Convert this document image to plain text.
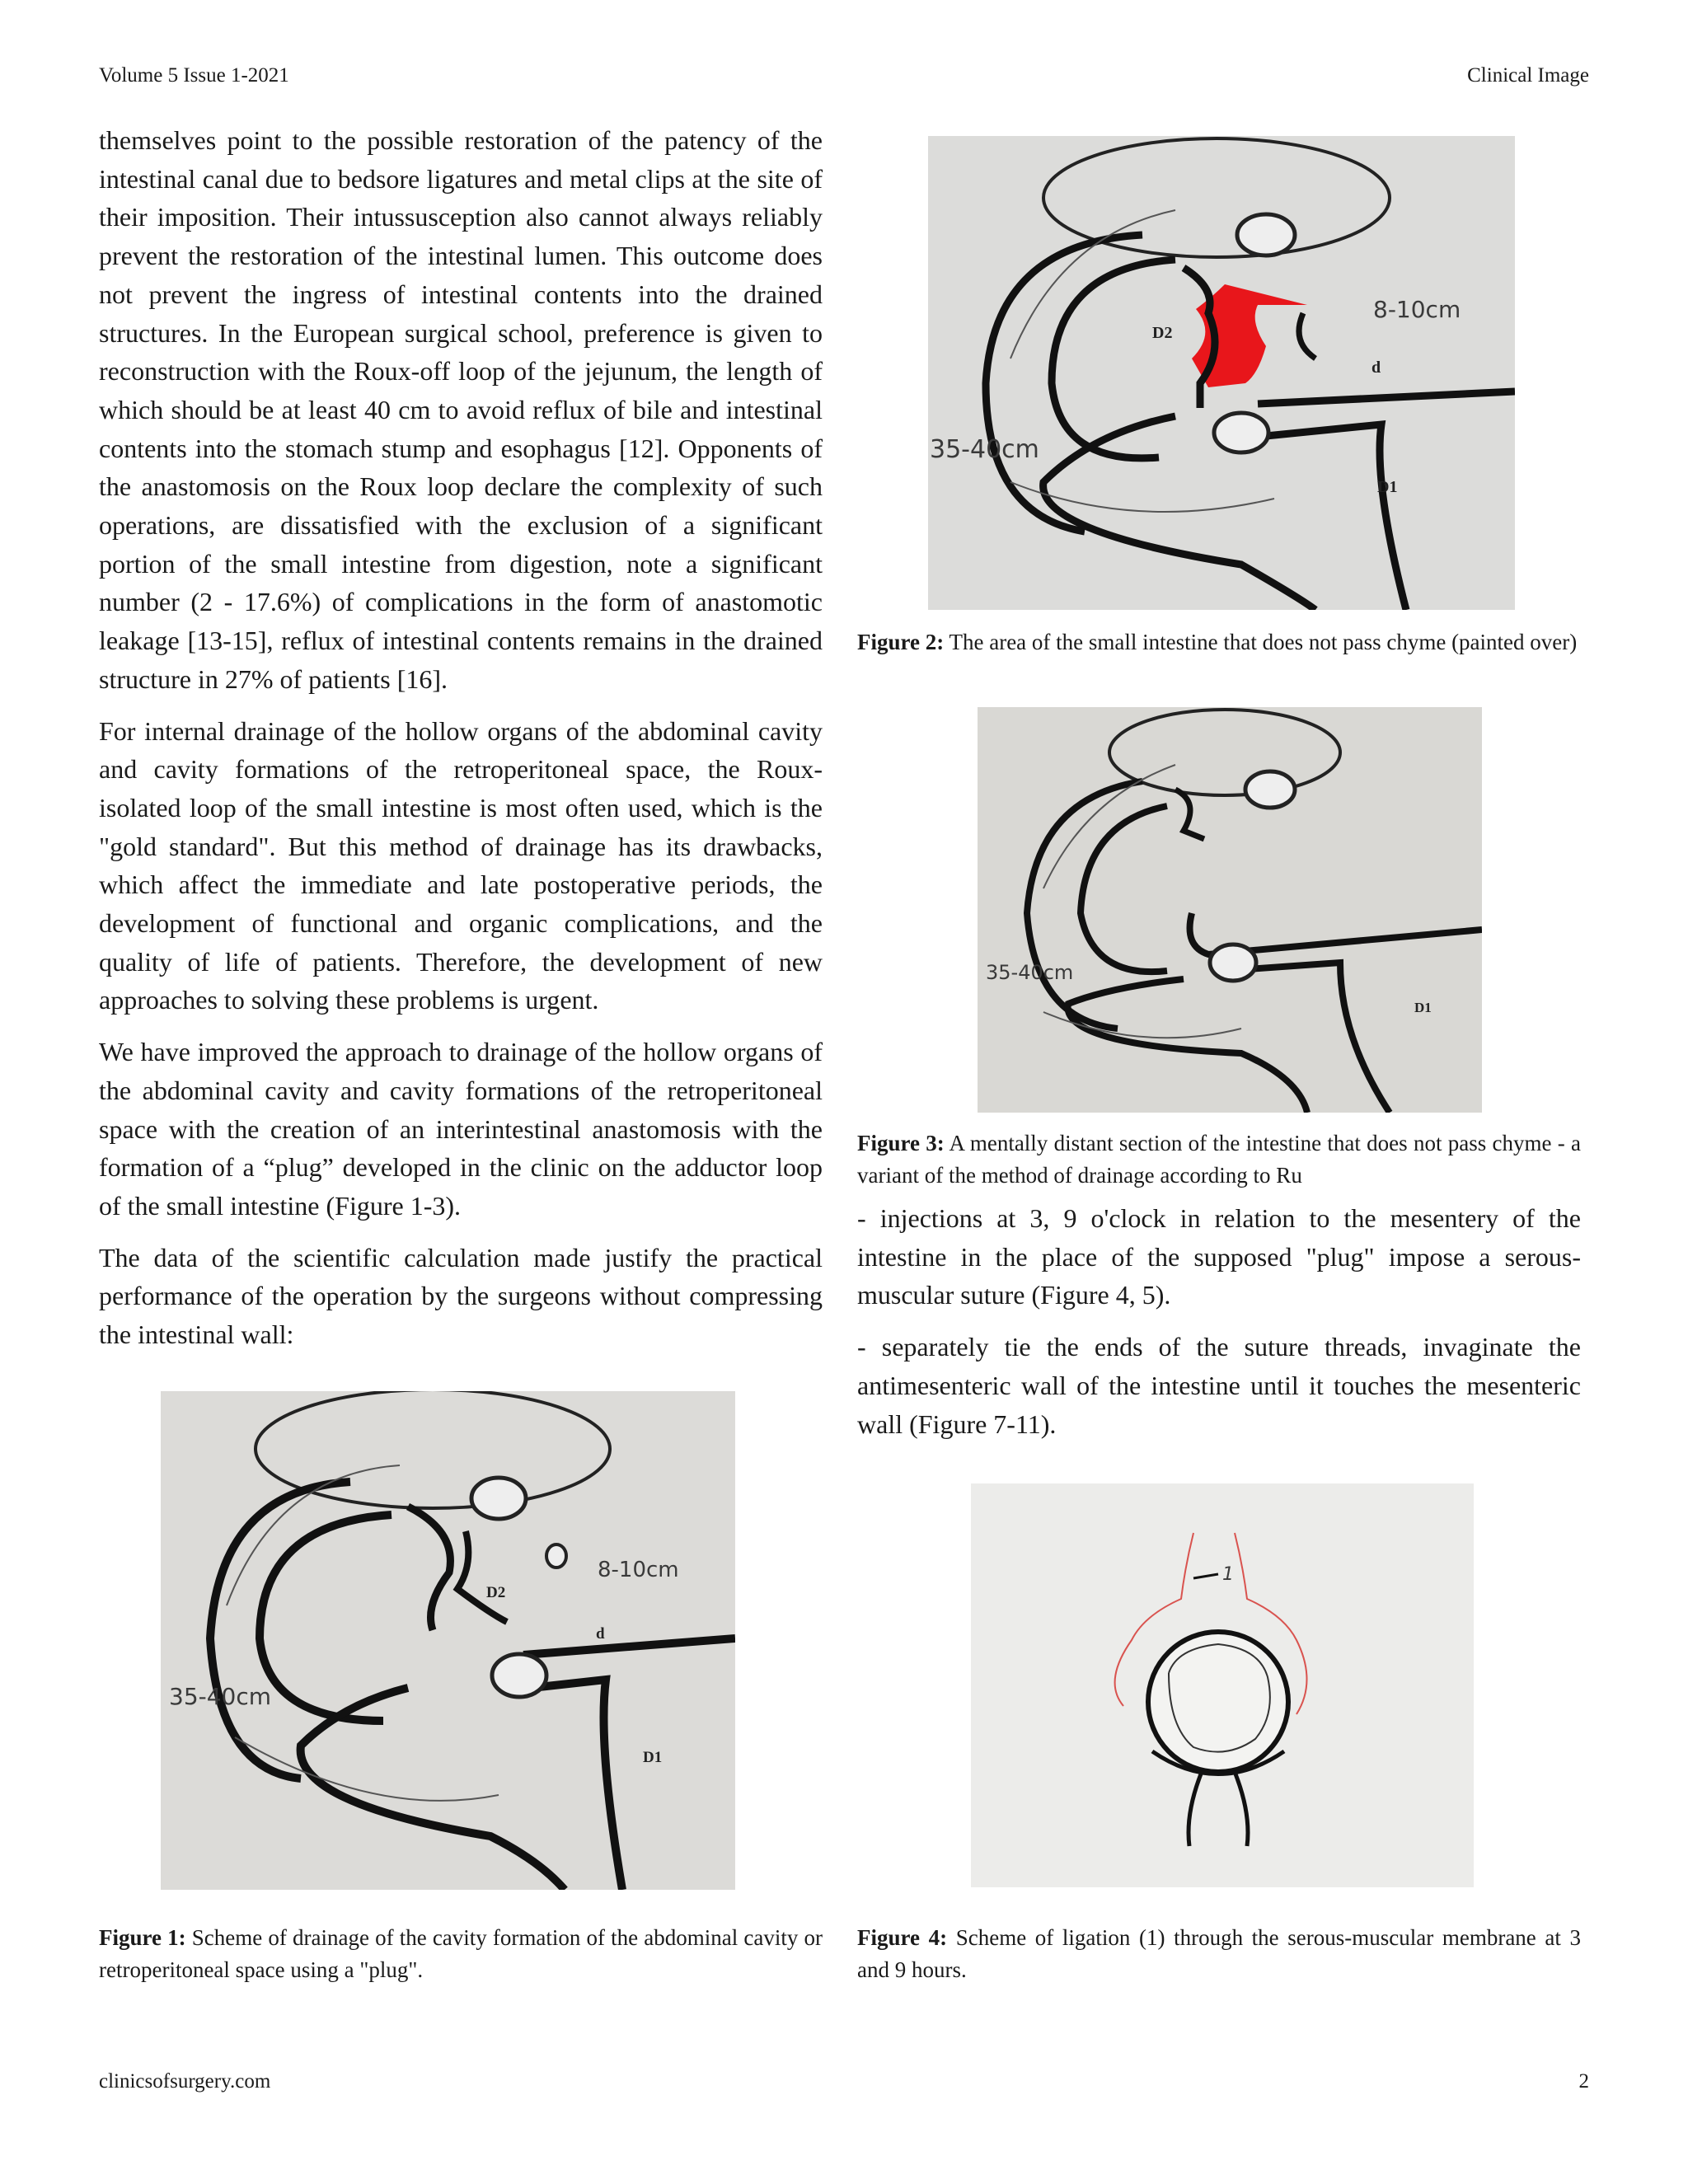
Volume 5 Issue 1-2021	Clinical Image

themselves point to the possible restoration of the patency of the intestinal canal due to bedsore ligatures and metal clips at the site of their imposition. Their intussusception also cannot always reliably prevent the restoration of the intestinal lumen. This outcome does not prevent the ingress of intestinal contents into the drained structures. In the European surgical school, preference is given to reconstruction with the Roux-off loop of the jejunum, the length of which should be at least 40 cm to avoid reflux of bile and intestinal contents into the stomach stump and esophagus [12]. Opponents of the anastomosis on the Roux loop declare the complexity of such operations, are dissatisfied with the exclusion of a significant portion of the small intestine from digestion, note a significant number (2 - 17.6%) of complications in the form of anastomotic leakage [13-15], reflux of intestinal contents remains in the drained structure in 27% of patients [16].

For internal drainage of the hollow organs of the abdominal cavity and cavity formations of the retroperitoneal space, the Roux-isolated loop of the small intestine is most often used, which is the "gold standard". But this method of drainage has its drawbacks, which affect the immediate and late postoperative periods, the development of functional and organic complications, and the quality of life of patients. Therefore, the development of new approaches to solving these problems is urgent.

We have improved the approach to drainage of the hollow organs of the abdominal cavity and cavity formations of the retroperitoneal space with the creation of an interintestinal anastomosis with the formation of a “plug” developed in the clinic on the adductor loop of the small intestine (Figure 1-3).

The data of the scientific calculation made justify the practical performance of the operation by the surgeons without compressing the intestinal wall:

35-40cm
8-10cm
D2
D1
d
Figure 2: The area of the small intestine that does not pass chyme (painted over)
35-40cm
D1
Figure 3: A mentally distant section of the intestine that does not pass chyme - a variant of the method of drainage according to Ru

- injections at 3, 9 o'clock in relation to the mesentery of the intestine in the place of the supposed "plug" impose a serous-muscular suture (Figure 4, 5).

- separately tie the ends of the suture threads, invaginate the antimesenteric wall of the intestine until it touches the mesenteric wall (Figure 7-11).

35-40cm
8-10cm
D2
D1
d
Figure 1: Scheme of drainage of the cavity formation of the abdominal cavity or retroperitoneal space using a "plug".
1
Figure 4: Scheme of ligation (1) through the serous-muscular membrane at 3 and 9 hours.
clinicsofsurgery.com	2
